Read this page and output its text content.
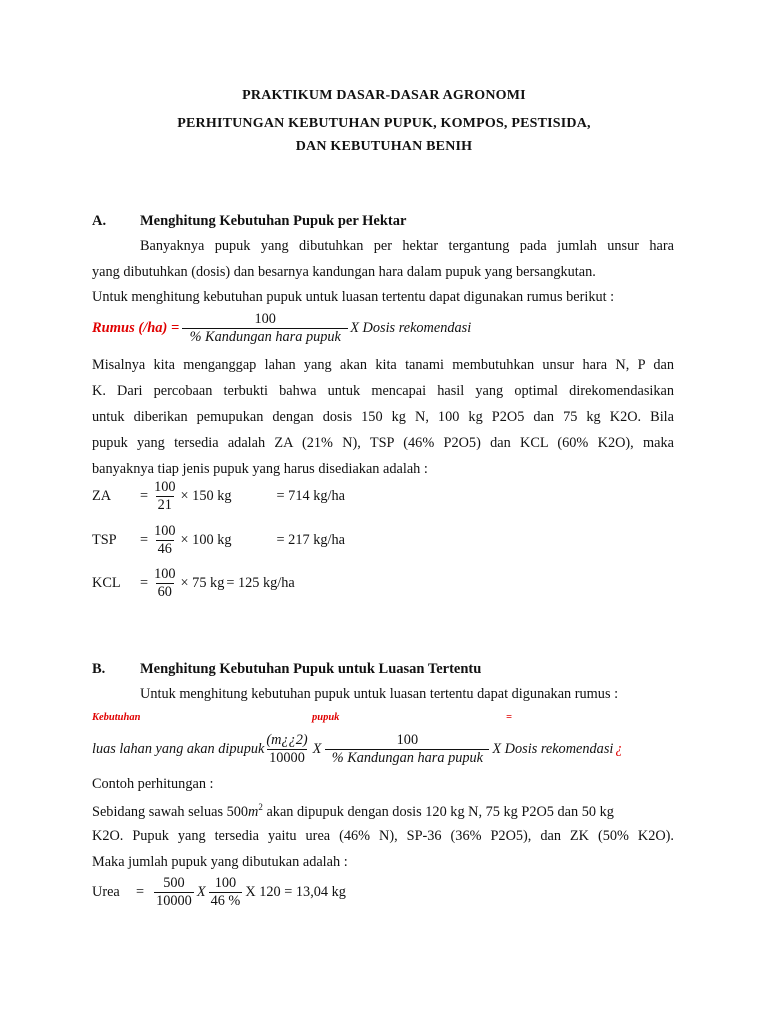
PRAKTIKUM DASAR-DASAR AGRONOMI
PERHITUNGAN KEBUTUHAN PUPUK, KOMPOS, PESTISIDA,
DAN KEBUTUHAN BENIH
A. Menghitung Kebutuhan Pupuk per Hektar
Banyaknya pupuk yang dibutuhkan per hektar tergantung pada jumlah unsur hara
yang dibutuhkan (dosis) dan besarnya kandungan hara dalam pupuk yang bersangkutan.
Untuk menghitung kebutuhan pupuk untuk luasan tertentu dapat digunakan rumus berikut :
Rumus $(/ha) = \frac{100}{\text{\% Kandungan hara pupuk}}$ X Dosis rekomendasi
Misalnya kita menganggap lahan yang akan kita tanami membutuhkan unsur hara N, P dan
K. Dari percobaan terbukti bahwa untuk mencapai hasil yang optimal direkomendasikan
untuk diberikan pemupukan dengan dosis 150 kg N, 100 kg P2O5 dan 75 kg K2O. Bila
pupuk yang tersedia adalah ZA (21% N), TSP (46% P2O5) dan KCL (60% K2O), maka
banyaknya tiap jenis pupuk yang harus disediakan adalah :
ZA	= $\frac{100}{21} \times 150$ kg	= 714 kg/ha
TSP	= $\frac{100}{46} \times 100$ kg	= 217 kg/ha
KCL	= $\frac{100}{60} \times 75$ kg = 125 kg/ha
B. Menghitung Kebutuhan Pupuk untuk Luasan Tertentu
Untuk menghitung kebutuhan pupuk untuk luasan tertentu dapat digunakan rumus :
Kebutuhan	pupuk	=
luas lahan yang akan dipupuk $\frac{(m¿¿2)}{10000}$ X $\frac{100}{\text{\% Kandungan hara pupuk}}$ X Dosis rekomendasi ¿
Contoh perhitungan :
Sebidang sawah seluas $500m^2$ akan dipupuk dengan dosis 120 kg N, 75 kg P2O5 dan 50 kg
K2O. Pupuk yang tersedia yaitu urea (46% N), SP-36 (36% P2O5), dan ZK (50% K2O).
Maka jumlah pupuk yang dibutukan adalah :
Urea	= $\frac{500}{10000}$ X $\frac{100}{46 \%}$ X 120 = 13,04 kg
